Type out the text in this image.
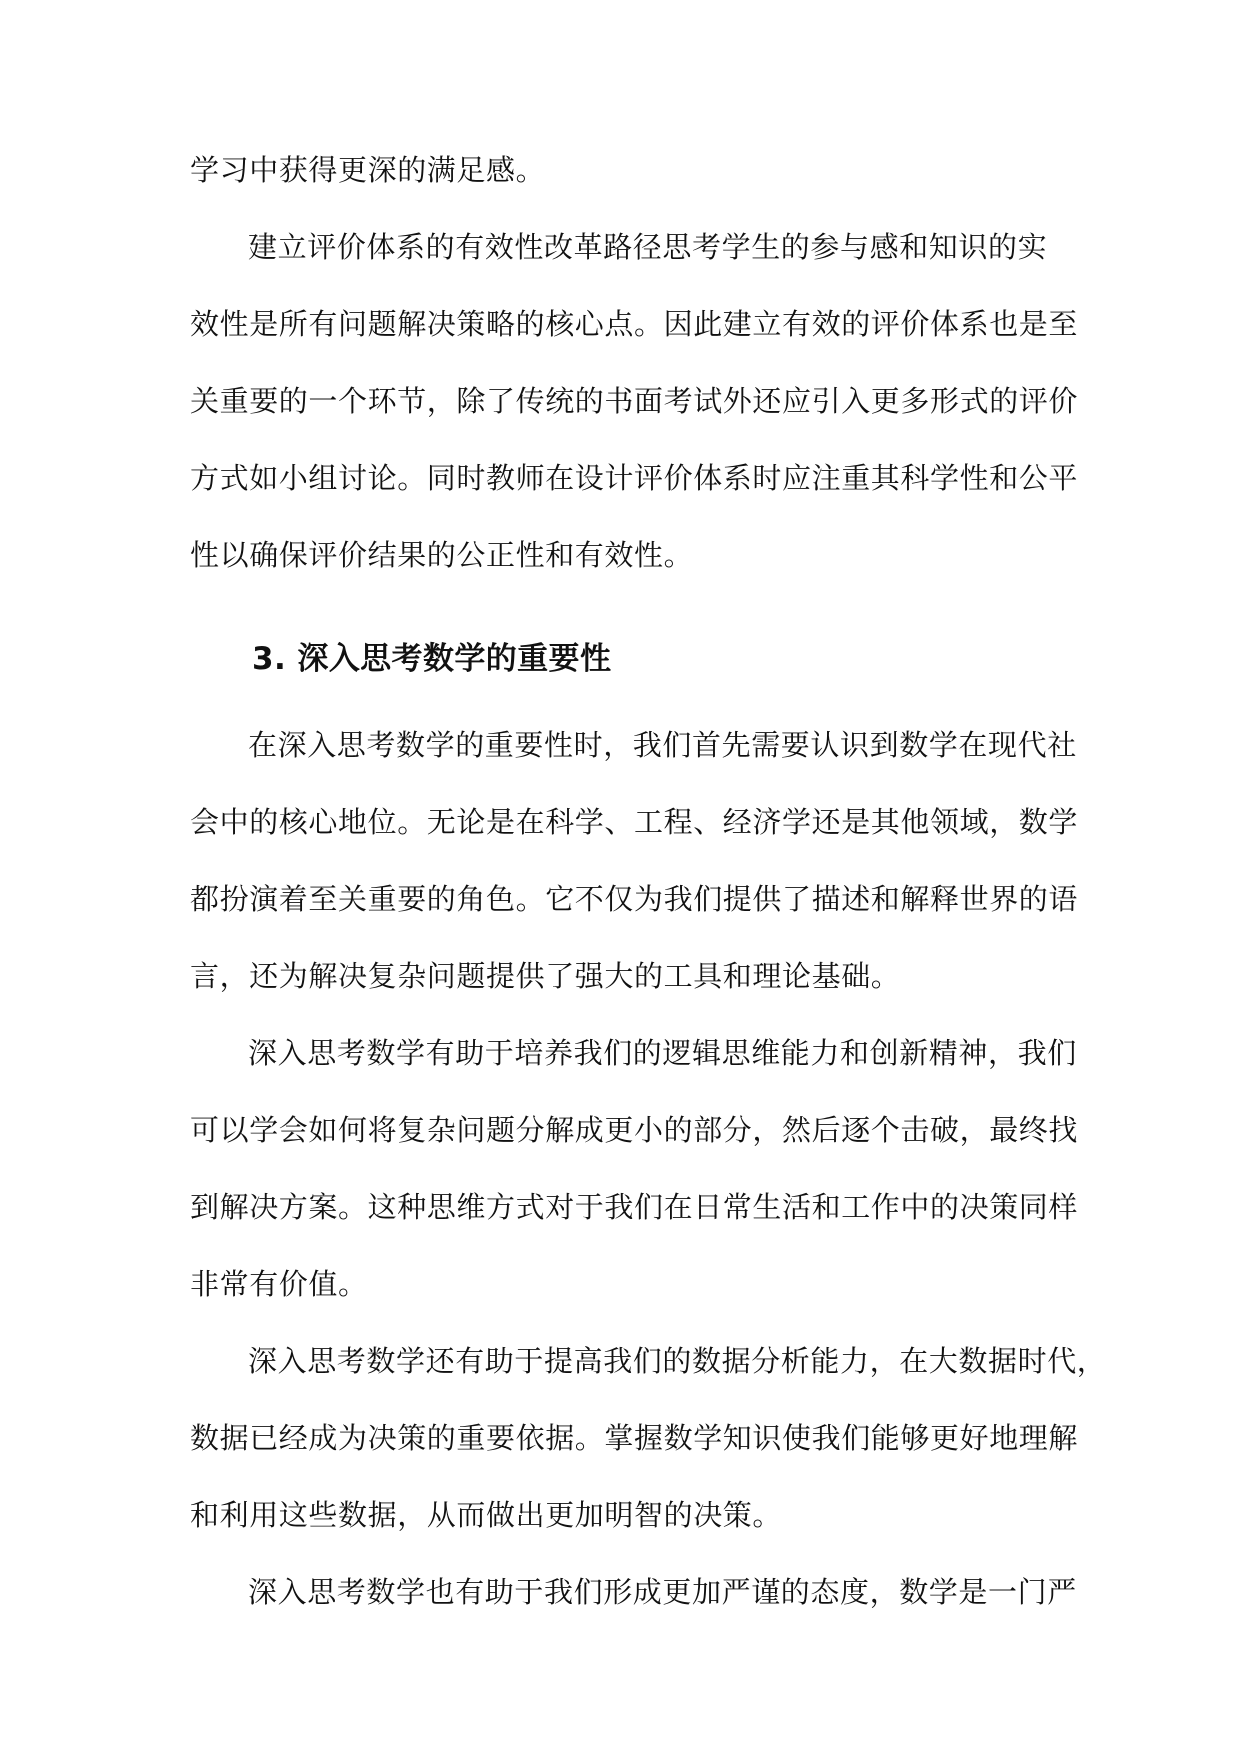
学习中获得更深的满足感。
建立评价体系的有效性改革路径思考学生的参与感和知识的实
效性是所有问题解决策略的核心点。因此建立有效的评价体系也是至
关重要的一个环节，除了传统的书面考试外还应引入更多形式的评价
方式如小组讨论。同时教师在设计评价体系时应注重其科学性和公平
性以确保评价结果的公正性和有效性。
3. 深入思考数学的重要性
在深入思考数学的重要性时，我们首先需要认识到数学在现代社
会中的核心地位。无论是在科学、工程、经济学还是其他领域，数学
都扮演着至关重要的角色。它不仅为我们提供了描述和解释世界的语
言，还为解决复杂问题提供了强大的工具和理论基础。
深入思考数学有助于培养我们的逻辑思维能力和创新精神，我们
可以学会如何将复杂问题分解成更小的部分，然后逐个击破，最终找
到解决方案。这种思维方式对于我们在日常生活和工作中的决策同样
非常有价值。
深入思考数学还有助于提高我们的数据分析能力，在大数据时代，
数据已经成为决策的重要依据。掌握数学知识使我们能够更好地理解
和利用这些数据，从而做出更加明智的决策。
深入思考数学也有助于我们形成更加严谨的态度，数学是一门严
